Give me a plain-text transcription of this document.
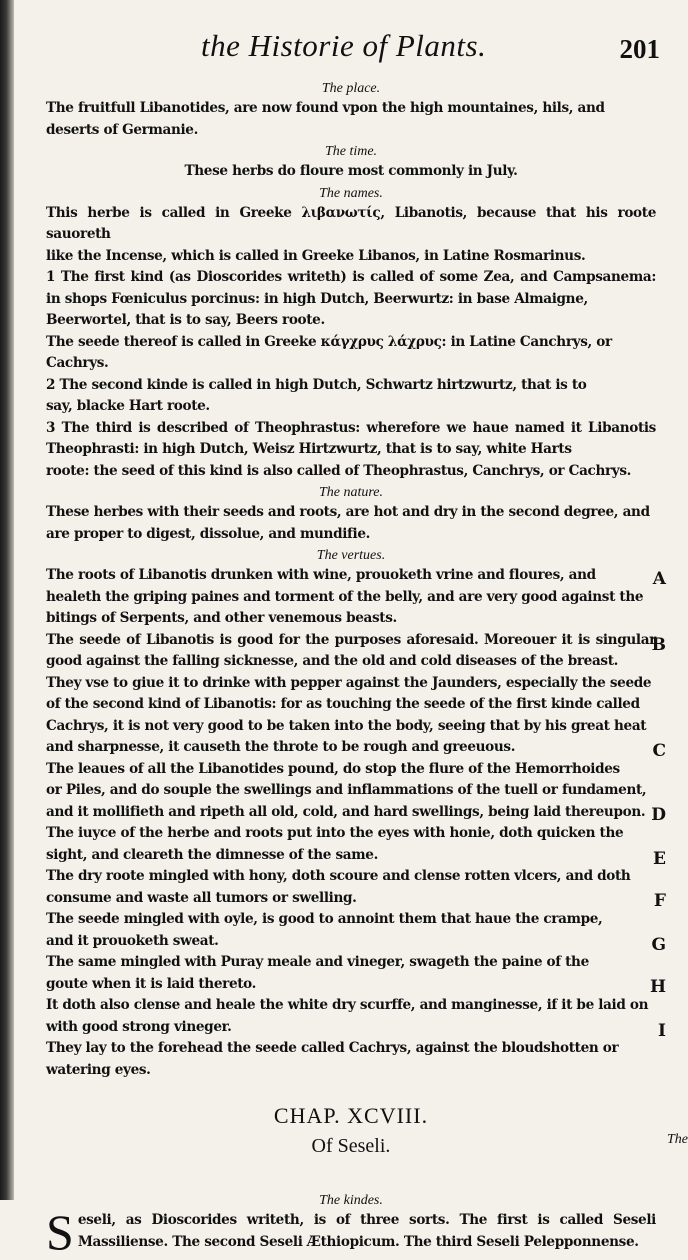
the Historie of Plants.	201
The place.

The fruitfull Libanotides, are now found vpon the high mountaines, hils, and

deserts of Germanie.

The time.

These herbs do floure most commonly in July.

The names.

This herbe is called in Greeke λιβανωτίς, Libanotis, because that his roote sauoreth

like the Incense, which is called in Greeke Libanos, in Latine Rosmarinus.

1 The first kind (as Dioscorides writeth) is called of some Zea, and Campsanema: in shops Fœniculus porcinus: in high Dutch, Beerwurtz: in base Almaigne,

Beerwortel, that is to say, Beers roote.

The seede thereof is called in Greeke κάγχρυς λάχρυς: in Latine Canchrys, or

Cachrys.

2 The second kinde is called in high Dutch, Schwartz hirtzwurtz, that is to

say, blacke Hart roote.

3 The third is described of Theophrastus: wherefore we haue named it Libanotis Theophrasti: in high Dutch, Weisz Hirtzwurtz, that is to say, white Harts

roote: the seed of this kind is also called of Theophrastus, Canchrys, or Cachrys.

The nature.

These herbes with their seeds and roots, are hot and dry in the second degree, and

are proper to digest, dissolue, and mundifie.

The vertues.

The roots of Libanotis drunken with wine, prouoketh vrine and floures, and

healeth the griping paines and torment of the belly, and are very good against the

bitings of Serpents, and other venemous beasts.

The seede of Libanotis is good for the purposes aforesaid. Moreouer it is singular good against the falling sicknesse, and the old and cold diseases of the breast.

They vse to giue it to drinke with pepper against the Jaunders, especially the seede

of the second kind of Libanotis: for as touching the seede of the first kinde called

Cachrys, it is not very good to be taken into the body, seeing that by his great heat

and sharpnesse, it causeth the throte to be rough and greeuous.

The leaues of all the Libanotides pound, do stop the flure of the Hemorrhoides

or Piles, and do souple the swellings and inflammations of the tuell or fundament,

and it mollifieth and ripeth all old, cold, and hard swellings, being laid thereupon.

The iuyce of the herbe and roots put into the eyes with honie, doth quicken the

sight, and cleareth the dimnesse of the same.

The dry roote mingled with hony, doth scoure and clense rotten vlcers, and doth

consume and waste all tumors or swelling.

The seede mingled with oyle, is good to annoint them that haue the crampe,

and it prouoketh sweat.

The same mingled with Puray meale and vineger, swageth the paine of the

goute when it is laid thereto.

It doth also clense and heale the white dry scurffe, and manginesse, if it be laid on

with good strong vineger.

They lay to the forehead the seede called Cachrys, against the bloudshotten or

watering eyes.

A
B
C
D
E
F
G
H
I
CHAP. XCVIII.
Of Seseli.
The kindes.
S eseli, as Dioscorides writeth, is of three sorts. The first is called Seseli Massiliense. The second Seseli Æthiopicum. The third Seseli Pelepponnense.

The
